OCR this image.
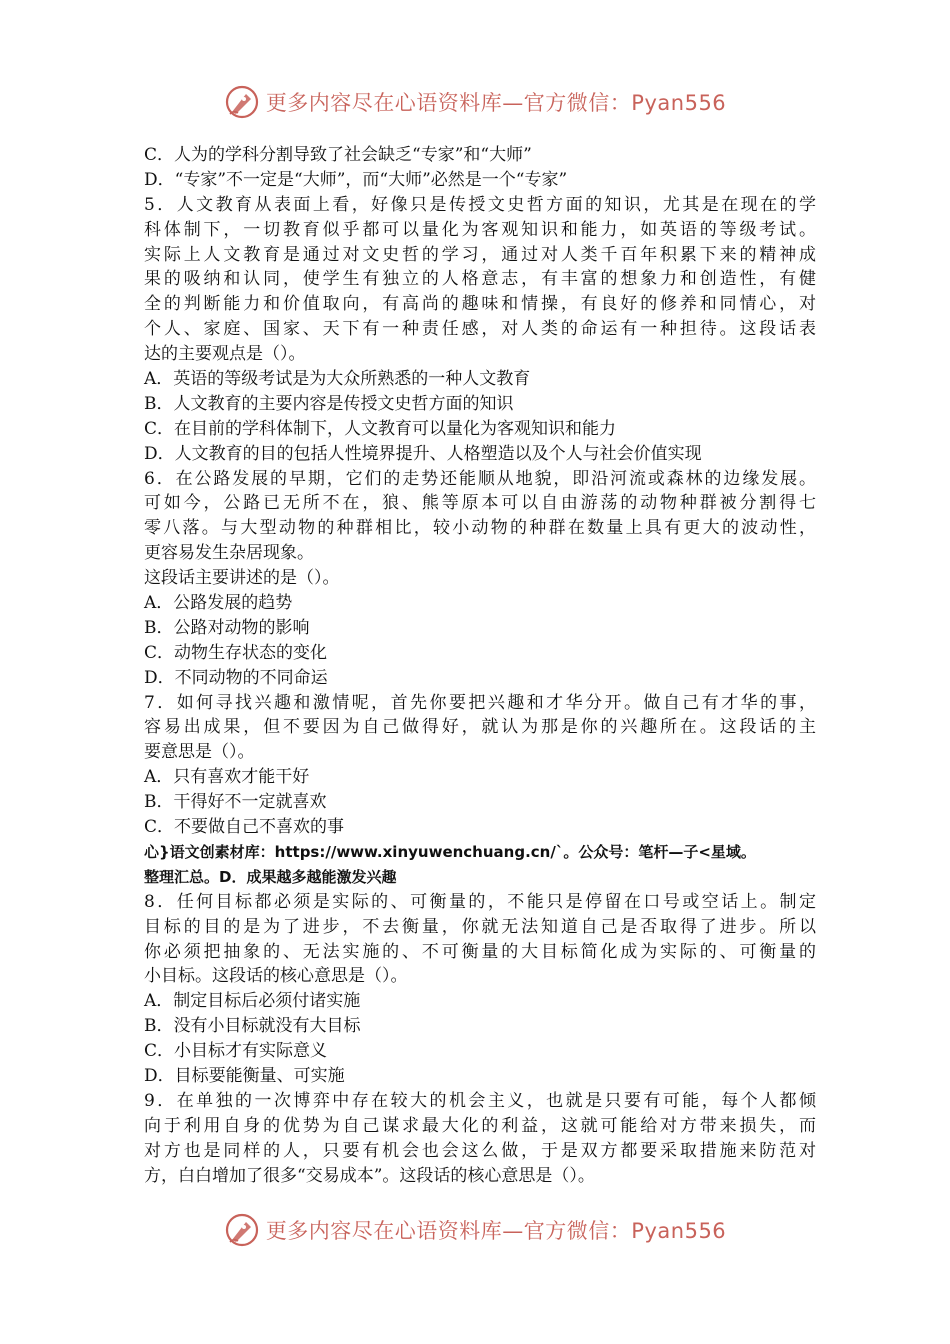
更多内容尽在心语资料库—官方微信：Pyan556
C．人为的学科分割导致了社会缺乏“专家”和“大师”
D．“专家”不一定是“大师”，而“大师”必然是一个“专家”
5．人文教育从表面上看，好像只是传授文史哲方面的知识，尤其是在现在的学
科体制下，一切教育似乎都可以量化为客观知识和能力，如英语的等级考试。
实际上人文教育是通过对文史哲的学习，通过对人类千百年积累下来的精神成
果的吸纳和认同，使学生有独立的人格意志，有丰富的想象力和创造性，有健
全的判断能力和价值取向，有高尚的趣味和情操，有良好的修养和同情心，对
个人、家庭、国家、天下有一种责任感，对人类的命运有一种担待。这段话表
达的主要观点是（）。
A．英语的等级考试是为大众所熟悉的一种人文教育
B．人文教育的主要内容是传授文史哲方面的知识
C．在目前的学科体制下，人文教育可以量化为客观知识和能力
D．人文教育的目的包括人性境界提升、人格塑造以及个人与社会价值实现
6．在公路发展的早期，它们的走势还能顺从地貌，即沿河流或森林的边缘发展。
可如今，公路已无所不在，狼、熊等原本可以自由游荡的动物种群被分割得七
零八落。与大型动物的种群相比，较小动物的种群在数量上具有更大的波动性，
更容易发生杂居现象。
这段话主要讲述的是（）。
A．公路发展的趋势
B．公路对动物的影响
C．动物生存状态的变化
D．不同动物的不同命运
7．如何寻找兴趣和激情呢，首先你要把兴趣和才华分开。做自己有才华的事，
容易出成果，但不要因为自己做得好，就认为那是你的兴趣所在。这段话的主
要意思是（）。
A．只有喜欢才能干好
B．干得好不一定就喜欢
C．不要做自己不喜欢的事
心}语文创素材库：https://www.xinyuwenchuang.cn/`。公众号：笔杆—子<星域。
整理汇总。D．成果越多越能激发兴趣
8．任何目标都必须是实际的、可衡量的，不能只是停留在口号或空话上。制定
目标的目的是为了进步，不去衡量，你就无法知道自己是否取得了进步。所以
你必须把抽象的、无法实施的、不可衡量的大目标简化成为实际的、可衡量的
小目标。这段话的核心意思是（）。
A．制定目标后必须付诸实施
B．没有小目标就没有大目标
C．小目标才有实际意义
D．目标要能衡量、可实施
9．在单独的一次博弈中存在较大的机会主义，也就是只要有可能，每个人都倾
向于利用自身的优势为自己谋求最大化的利益，这就可能给对方带来损失，而
对方也是同样的人，只要有机会也会这么做，于是双方都要采取措施来防范对
方，白白增加了很多“交易成本”。这段话的核心意思是（）。
更多内容尽在心语资料库—官方微信：Pyan556
